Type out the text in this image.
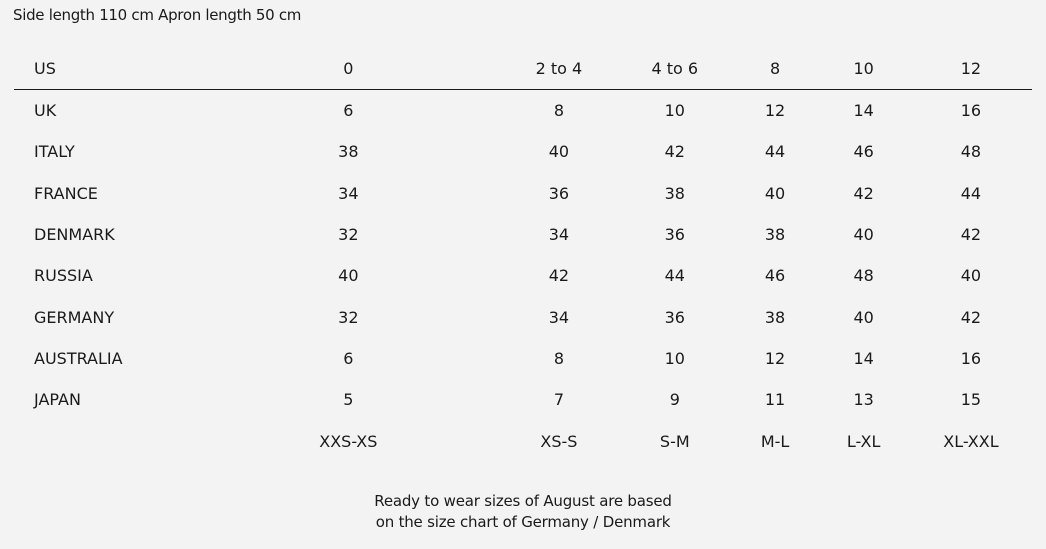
Side length 110 cm Apron length 50 cm
US	0	2 to 4	4 to 6	8	10	12
UK	6	8	10	12	14	16
ITALY	38	40	42	44	46	48
FRANCE	34	36	38	40	42	44
DENMARK	32	34	36	38	40	42
RUSSIA	40	42	44	46	48	40
GERMANY	32	34	36	38	40	42
AUSTRALIA	6	8	10	12	14	16
JAPAN	5	7	9	11	13	15
	XXS-XS	XS-S	S-M	M-L	L-XL	XL-XXL
Ready to wear sizes of August are based
on the size chart of Germany / Denmark
